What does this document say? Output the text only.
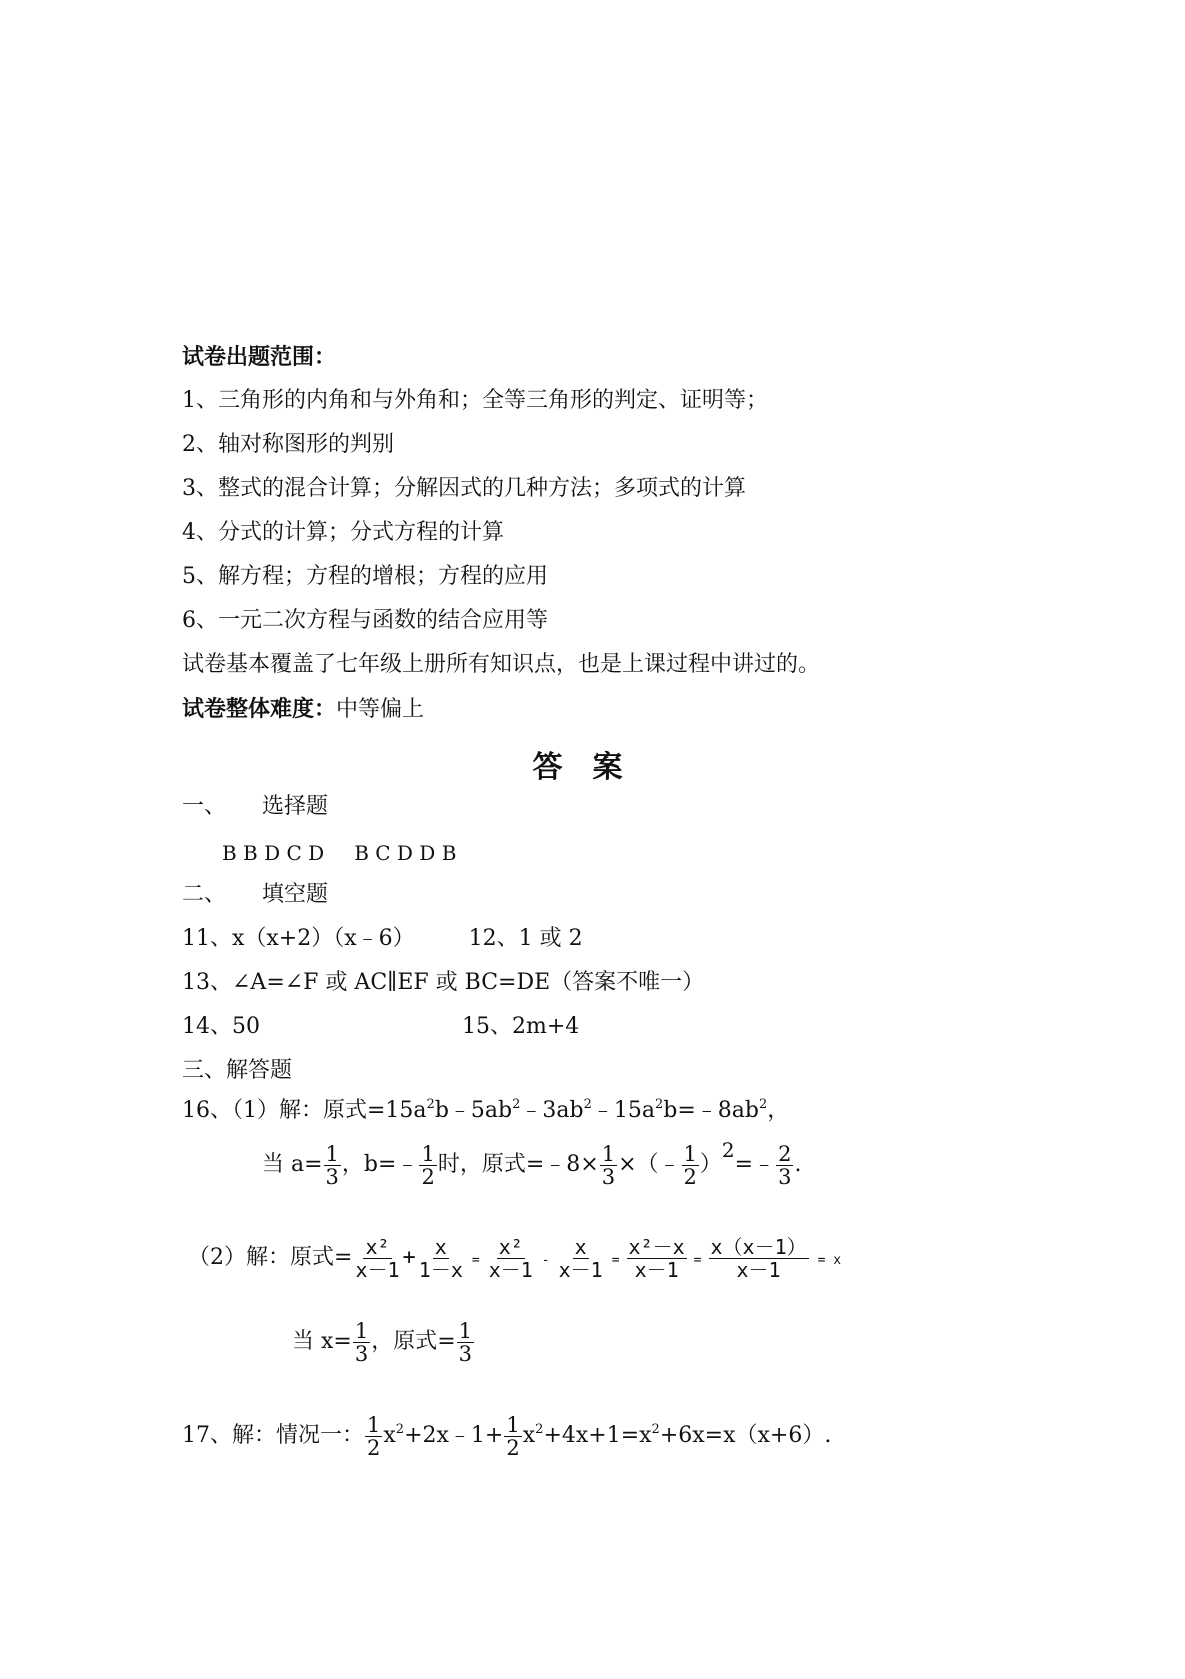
试卷出题范围：
1、三角形的内角和与外角和；全等三角形的判定、证明等；
2、轴对称图形的判别
3、整式的混合计算；分解因式的几种方法；多项式的计算
4、分式的计算；分式方程的计算
5、解方程；方程的增根；方程的应用
6、一元二次方程与函数的结合应用等
试卷基本覆盖了七年级上册所有知识点，也是上课过程中讲过的。
试卷整体难度：中等偏上
答案
一、 选择题
B B D C D B C D D B
二、 填空题
11、x（x+2）（x﹣6） 12、1 或 2
13、∠A=∠F 或 AC∥EF 或 BC=DE（答案不唯一）
14、50	15、2m+4
三、解答题
16、（1）解：原式$=15a^2b﹣5ab^2﹣3ab^2﹣15a^2b=﹣8ab^2$，
当 $a= \frac{1}{3}$ ，b=﹣ $\frac{1}{2}$ 时，原式=﹣8× $\frac{1}{3}$ ×（﹣ $\frac{1}{2}$ ）2=﹣ $\frac{2}{3}$ .
（2）解：原式= $\frac{\text{x²}}{x-1} + \frac{x}{1-x} = \frac{\text{x²}}{x-1} - \frac{x}{x-1} = \frac{\text{x²－x}}{x-1} = \frac{x(x-1)}{x-1} = x$
当 $x= \frac{1}{3}$ ，原式= $\frac{1}{3}$
17、解：情况一： $\frac{1}{2}$ $x^2+2x﹣1+ \frac{1}{2} x^2+4x+1=x^2+6x=x(x+6)$.
